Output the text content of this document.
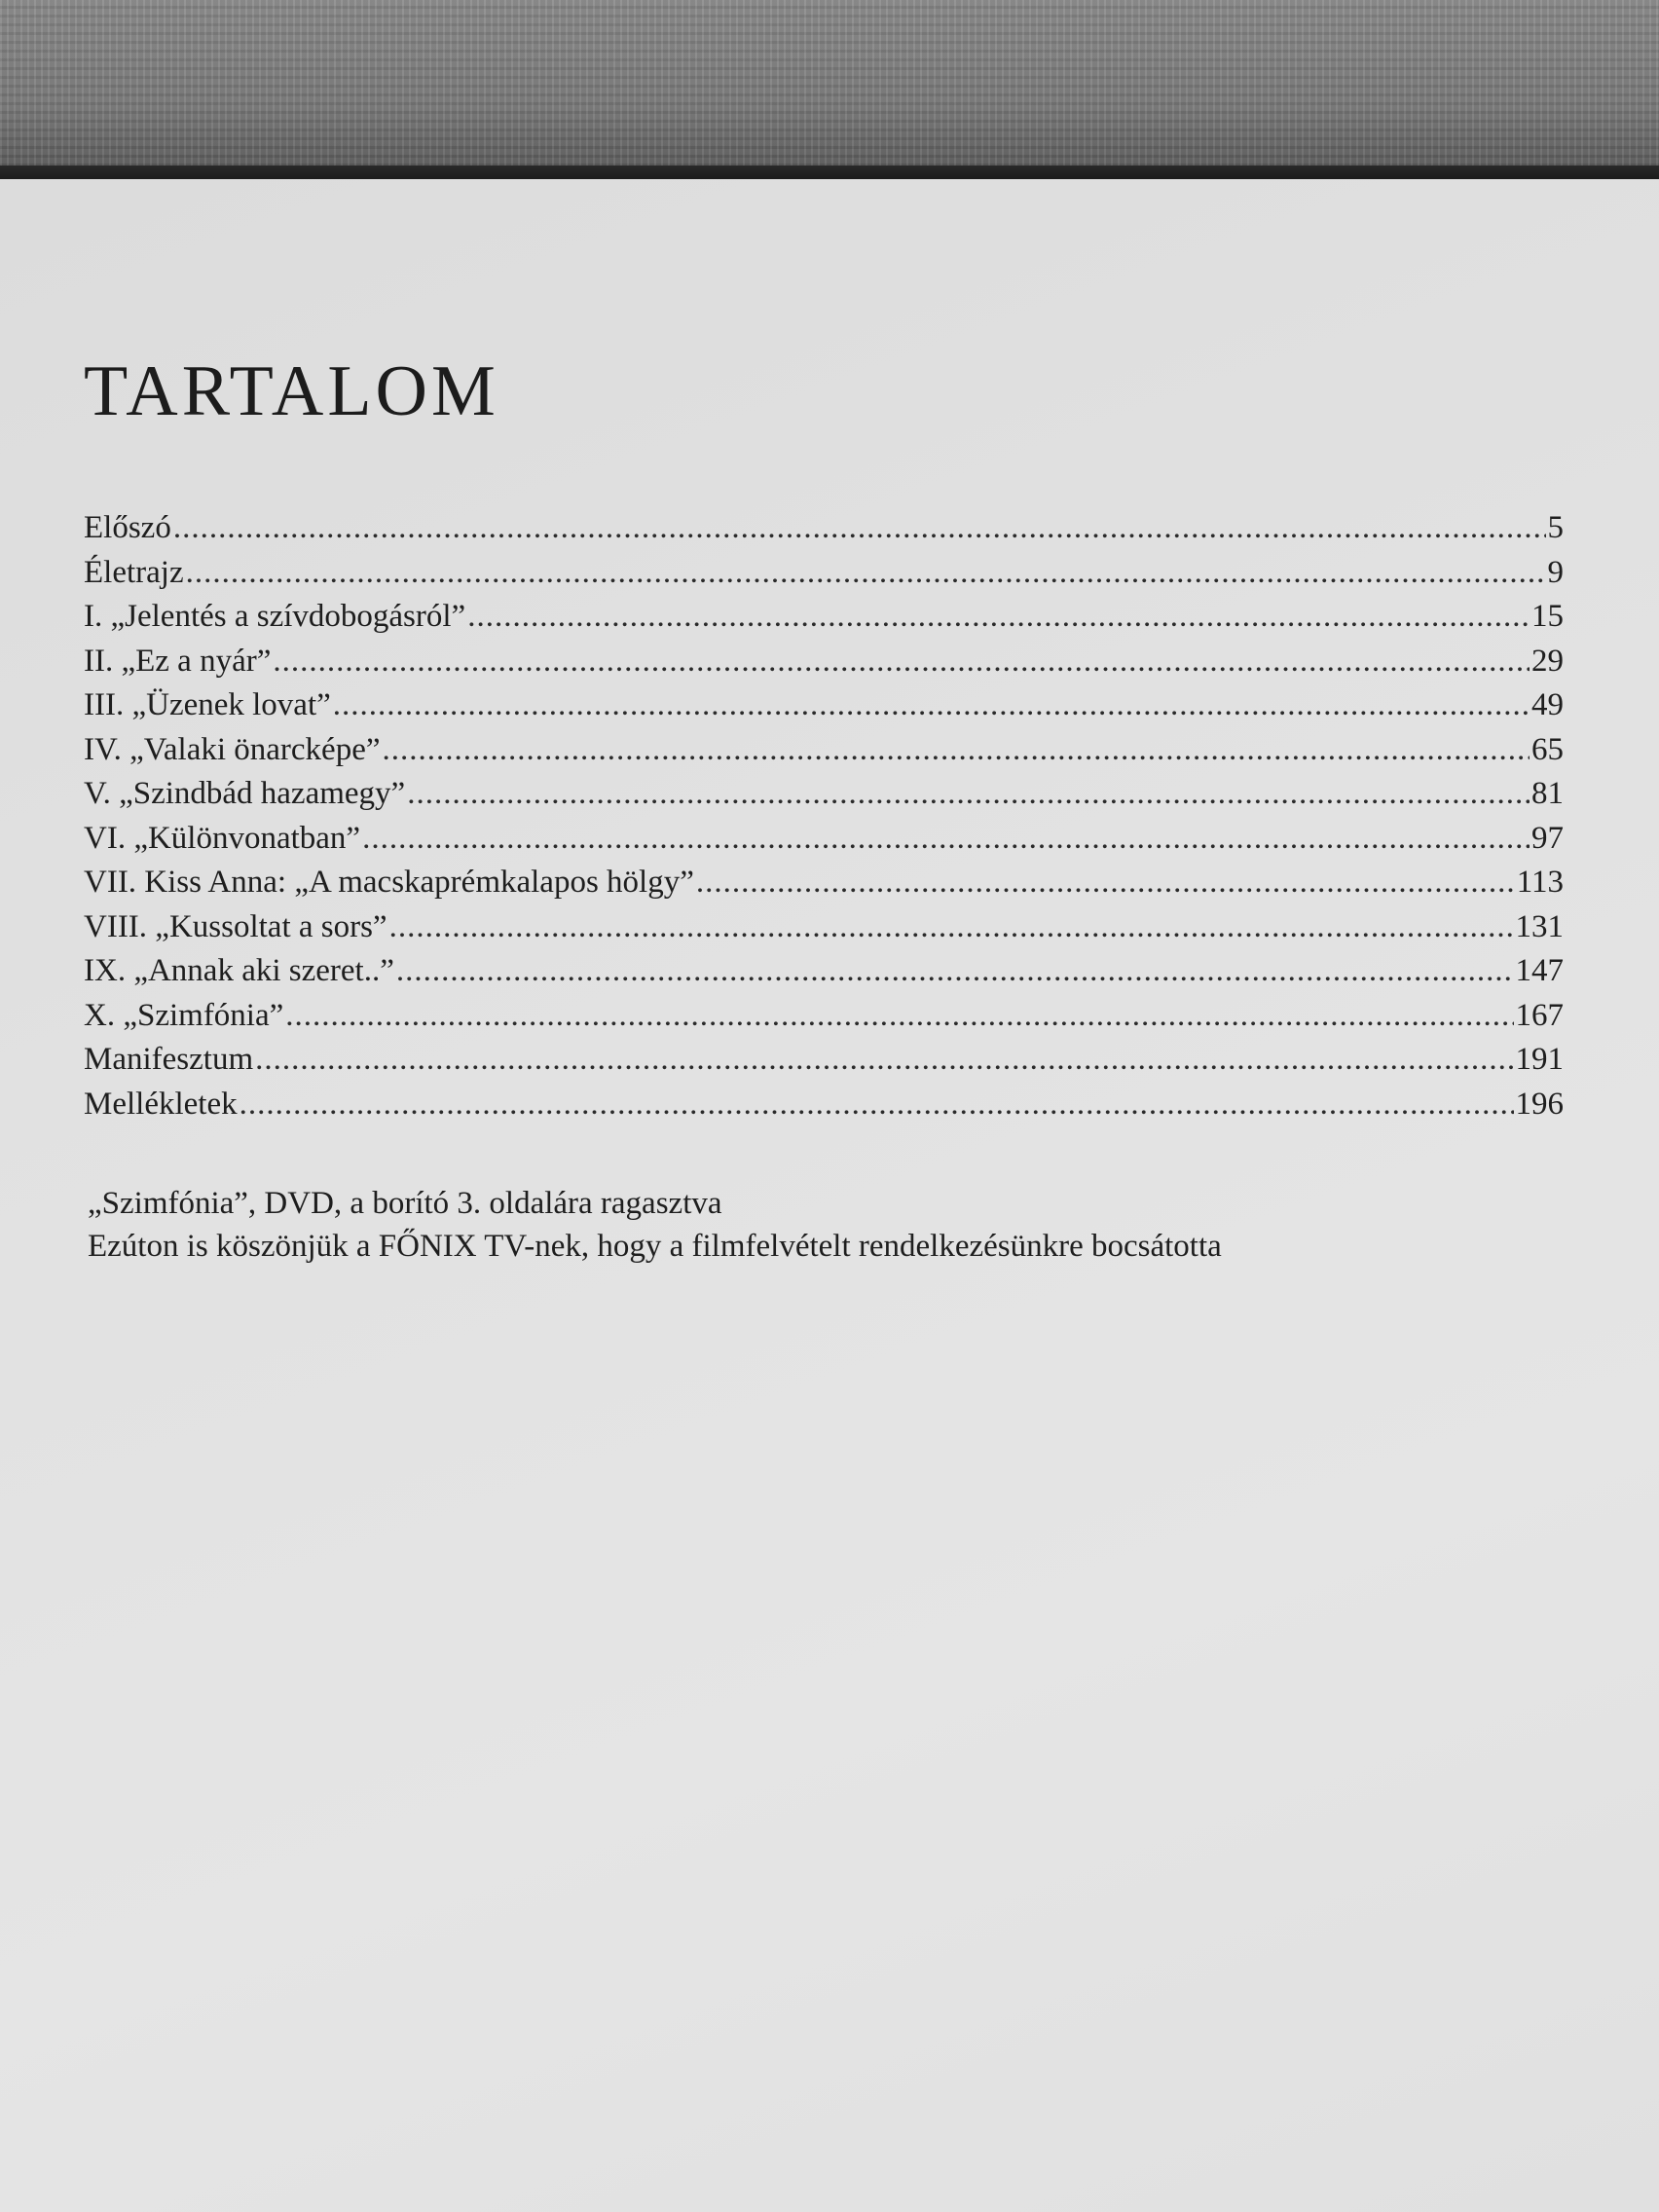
TARTALOM
Előszó .....	5
Életrajz .....	9
I. „Jelentés a szívdobogásról” .....	15
II. „Ez a nyár” .....	29
III. „Üzenek lovat” .....	49
IV. „Valaki önarcképe” .....	65
V. „Szindbád hazamegy” .....	81
VI. „Különvonatban” .....	97
VII. Kiss Anna: „A macskaprémkalapos hölgy” .....	113
VIII. „Kussoltat a sors” .....	131
IX. „Annak aki szeret..” .....	147
X. „Szimfónia” .....	167
Manifesztum .....	191
Mellékletek .....	196
„Szimfónia”, DVD, a borító 3. oldalára ragasztva
Ezúton is köszönjük a FŐNIX TV-nek, hogy a filmfelvételt rendelkezésünkre bocsátotta
